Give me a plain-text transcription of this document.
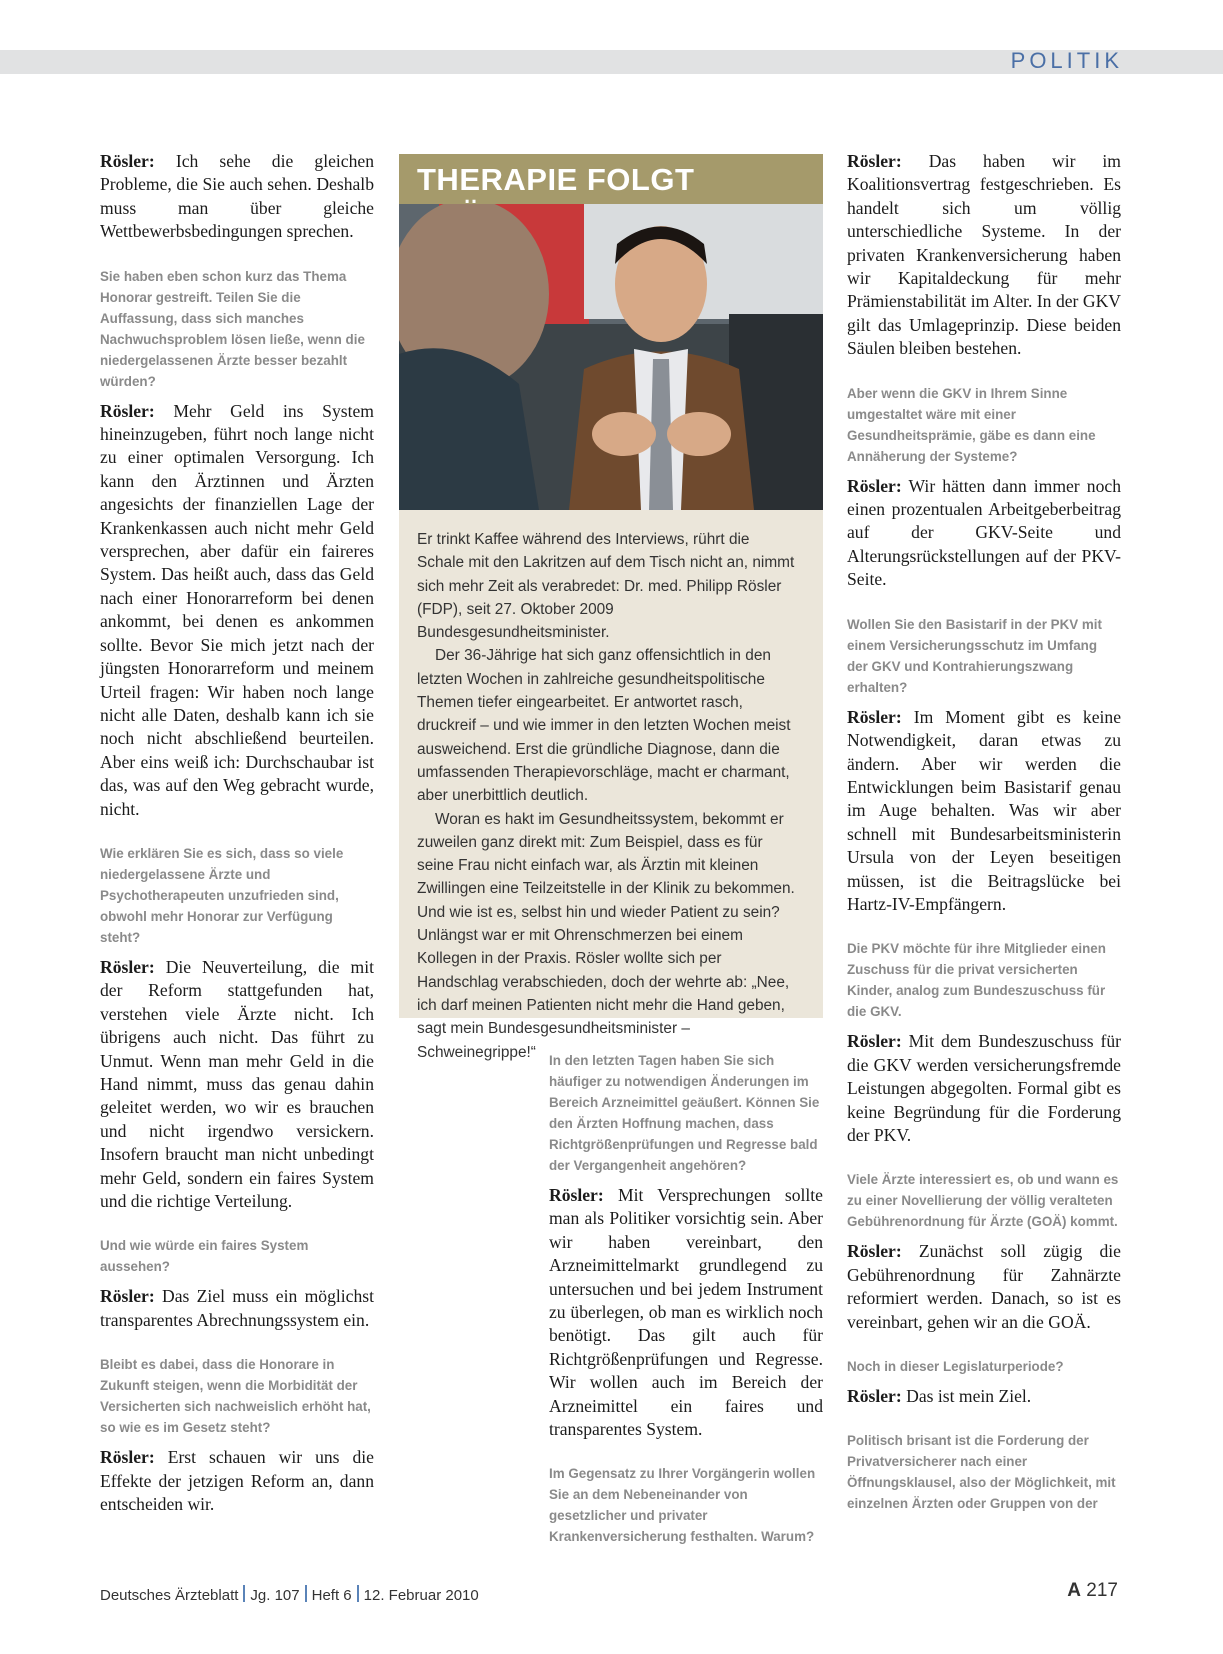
POLITIK

Rösler: Ich sehe die gleichen Probleme, die Sie auch sehen. Deshalb muss man über gleiche Wettbewerbsbedingungen sprechen.

Sie haben eben schon kurz das Thema Honorar gestreift. Teilen Sie die Auffassung, dass sich manches Nachwuchsproblem lösen ließe, wenn die niedergelassenen Ärzte besser bezahlt würden?

Rösler: Mehr Geld ins System hineinzugeben, führt noch lange nicht zu einer optimalen Versorgung. Ich kann den Ärztinnen und Ärzten angesichts der finanziellen Lage der Krankenkassen auch nicht mehr Geld versprechen, aber dafür ein faireres System. Das heißt auch, dass das Geld nach einer Honorarreform bei denen ankommt, bei denen es ankommen sollte. Bevor Sie mich jetzt nach der jüngsten Honorarreform und meinem Urteil fragen: Wir haben noch lange nicht alle Daten, deshalb kann ich sie noch nicht abschließend beurteilen. Aber eins weiß ich: Durchschaubar ist das, was auf den Weg gebracht wurde, nicht.

Wie erklären Sie es sich, dass so viele niedergelassene Ärzte und Psychotherapeuten unzufrieden sind, obwohl mehr Honorar zur Verfügung steht?

Rösler: Die Neuverteilung, die mit der Reform stattgefunden hat, verstehen viele Ärzte nicht. Ich übrigens auch nicht. Das führt zu Unmut. Wenn man mehr Geld in die Hand nimmt, muss das genau dahin geleitet werden, wo wir es brauchen und nicht irgendwo versickern. Insofern braucht man nicht unbedingt mehr Geld, sondern ein faires System und die richtige Verteilung.

Und wie würde ein faires System aussehen?

Rösler: Das Ziel muss ein möglichst transparentes Abrechnungssystem ein.

Bleibt es dabei, dass die Honorare in Zukunft steigen, wenn die Morbidität der Versicherten sich nachweislich erhöht hat, so wie es im Gesetz steht?

Rösler: Erst schauen wir uns die Effekte der jetzigen Reform an, dann entscheiden wir.

THERAPIE FOLGT

Er trinkt Kaffee während des Interviews, rührt die Schale mit den Lakritzen auf dem Tisch nicht an, nimmt sich mehr Zeit als verabredet: Dr. med. Philipp Rösler (FDP), seit 27. Oktober 2009 Bundesgesundheitsminister.

Der 36-Jährige hat sich ganz offensichtlich in den letzten Wochen in zahlreiche gesundheitspolitische Themen tiefer eingearbeitet. Er antwortet rasch, druckreif – und wie immer in den letzten Wochen meist ausweichend. Erst die gründliche Diagnose, dann die umfassenden Therapievorschläge, macht er charmant, aber unerbittlich deutlich.

Woran es hakt im Gesundheitssystem, bekommt er zuweilen ganz direkt mit: Zum Beispiel, dass es für seine Frau nicht einfach war, als Ärztin mit kleinen Zwillingen eine Teilzeitstelle in der Klinik zu bekommen. Und wie ist es, selbst hin und wieder Patient zu sein? Unlängst war er mit Ohrenschmerzen bei einem Kollegen in der Praxis. Rösler wollte sich per Handschlag verabschieden, doch der wehrte ab: „Nee, ich darf meinen Patienten nicht mehr die Hand geben, sagt mein Bundesgesundheitsminister – Schweinegrippe!“ In den letzten Tagen haben Sie sich häufiger zu notwendigen Änderungen im Bereich Arzneimittel geäußert. Können Sie den Ärzten Hoffnung machen, dass Richtgrößenprüfungen und Regresse bald der Vergangenheit angehören?

Rösler: Mit Versprechungen sollte man als Politiker vorsichtig sein. Aber wir haben vereinbart, den Arzneimittelmarkt grundlegend zu untersuchen und bei jedem Instrument zu überlegen, ob man es wirklich noch benötigt. Das gilt auch für Richtgrößenprüfungen und Regresse. Wir wollen auch im Bereich der Arzneimittel ein faires und transparentes System.

Im Gegensatz zu Ihrer Vorgängerin wollen Sie an dem Nebeneinander von gesetzlicher und privater Krankenversicherung festhalten. Warum?

Rösler: Das haben wir im Koalitionsvertrag festgeschrieben. Es handelt sich um völlig unterschiedliche Systeme. In der privaten Krankenversicherung haben wir Kapitaldeckung für mehr Prämienstabilität im Alter. In der GKV gilt das Umlageprinzip. Diese beiden Säulen bleiben bestehen.

Aber wenn die GKV in Ihrem Sinne umgestaltet wäre mit einer Gesundheitsprämie, gäbe es dann eine Annäherung der Systeme?

Rösler: Wir hätten dann immer noch einen prozentualen Arbeitgeberbeitrag auf der GKV-Seite und Alterungsrückstellungen auf der PKV-Seite.

Wollen Sie den Basistarif in der PKV mit einem Versicherungsschutz im Umfang der GKV und Kontrahierungszwang erhalten?

Rösler: Im Moment gibt es keine Notwendigkeit, daran etwas zu ändern. Aber wir werden die Entwicklungen beim Basistarif genau im Auge behalten. Was wir aber schnell mit Bundesarbeitsministerin Ursula von der Leyen beseitigen müssen, ist die Beitragslücke bei Hartz-IV-Empfängern.

Die PKV möchte für ihre Mitglieder einen Zuschuss für die privat versicherten Kinder, analog zum Bundeszuschuss für die GKV.

Rösler: Mit dem Bundeszuschuss für die GKV werden versicherungsfremde Leistungen abgegolten. Formal gibt es keine Begründung für die Forderung der PKV.

Viele Ärzte interessiert es, ob und wann es zu einer Novellierung der völlig veralteten Gebührenordnung für Ärzte (GOÄ) kommt.

Rösler: Zunächst soll zügig die Gebührenordnung für Zahnärzte reformiert werden. Danach, so ist es vereinbart, gehen wir an die GOÄ.

Noch in dieser Legislaturperiode?

Rösler: Das ist mein Ziel.

Politisch brisant ist die Forderung der Privatversicherer nach einer Öffnungsklausel, also der Möglichkeit, mit einzelnen Ärzten oder Gruppen von der

Deutsches Ärzteblatt Jg. 107 Heft 6 12. Februar 2010	A 217
